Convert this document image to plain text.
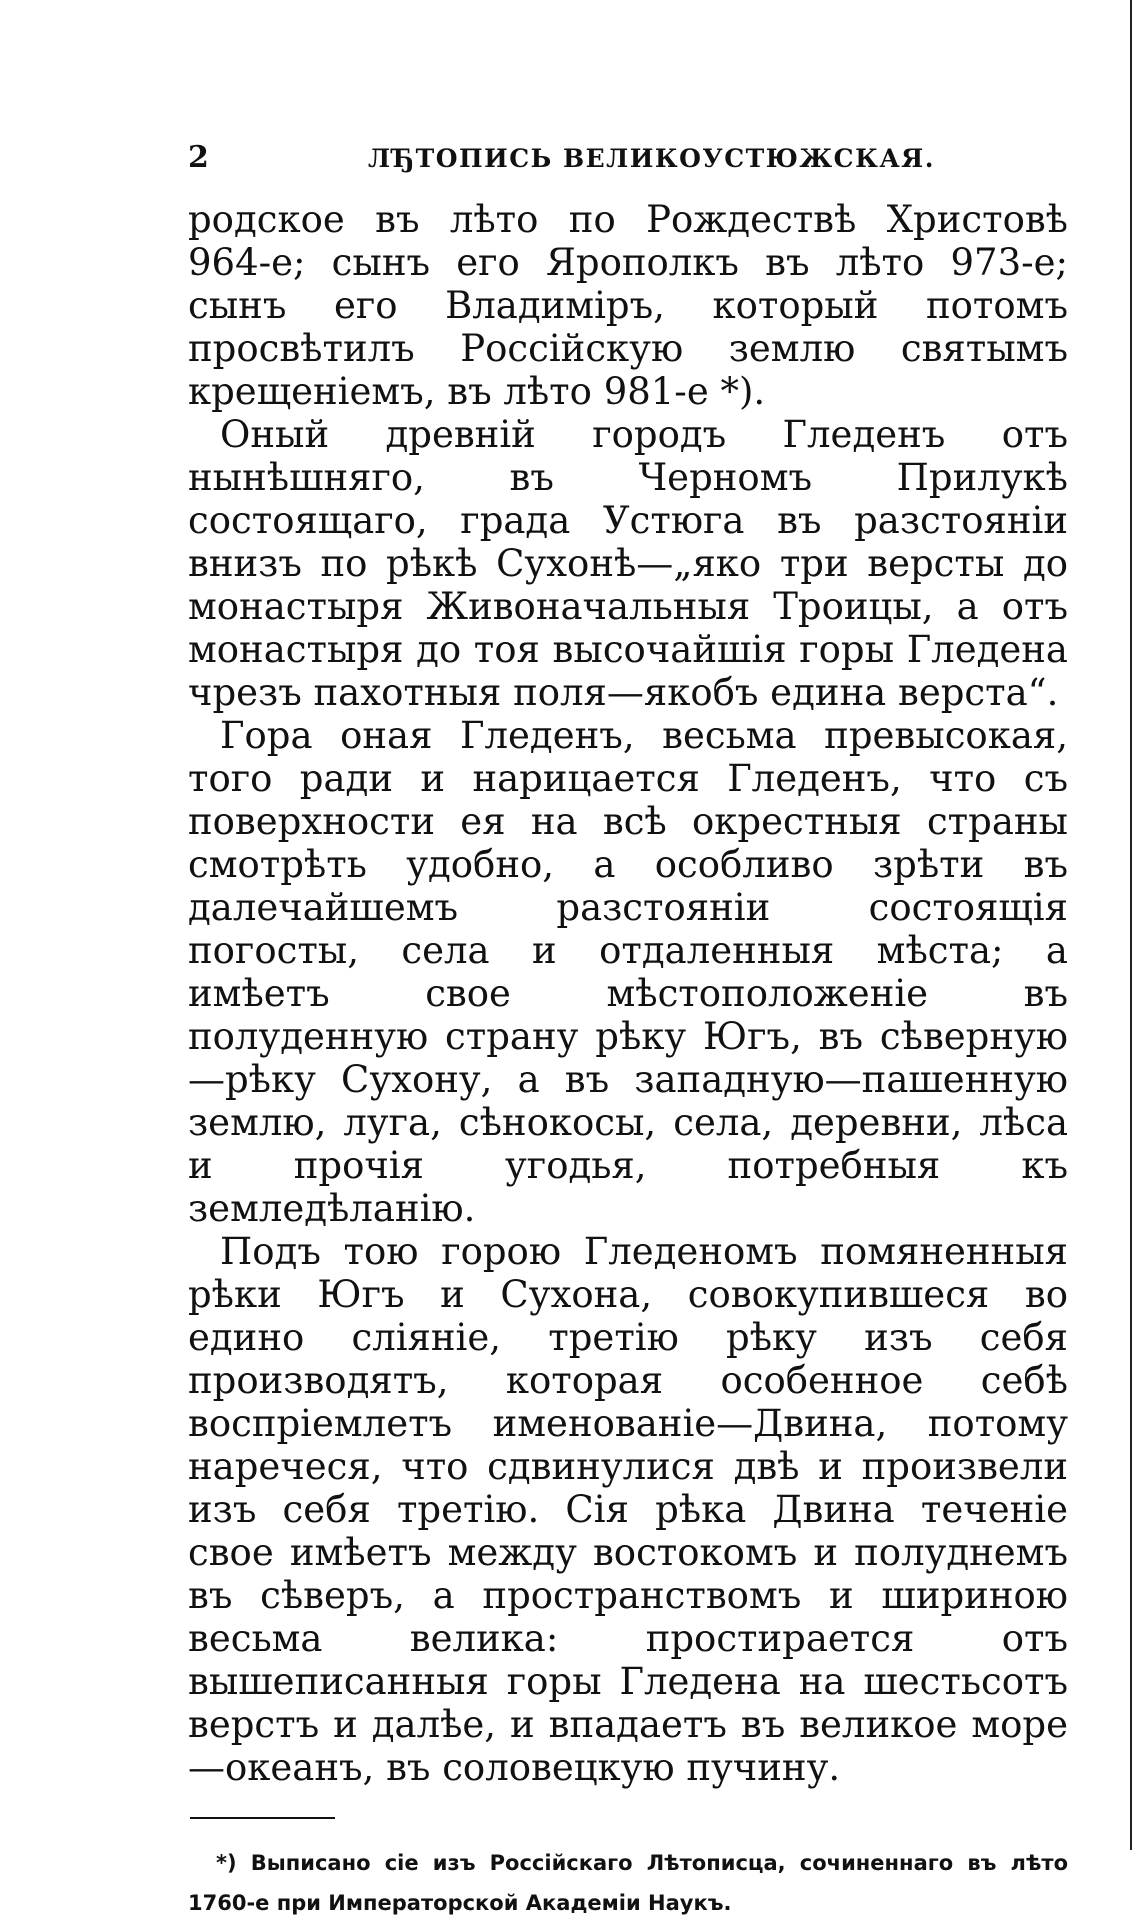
2	ЛЂТОПИСЬ ВЕЛИКОУСТЮЖСКАЯ.

родское въ лѣто по Рождествѣ Христовѣ 964-е; сынъ его Ярополкъ въ лѣто 973-е; сынъ его Владиміръ, который потомъ просвѣтилъ Россійскую землю святымъ крещеніемъ, въ лѣто 981-е *).

Оный древній городъ Гледенъ отъ нынѣшняго, въ Черномъ Прилукѣ состоящаго, града Устюга въ разстояніи внизъ по рѣкѣ Сухонѣ—„яко три версты до монастыря Живоначальныя Троицы, а отъ монастыря до тоя высочайшія горы Гледена чрезъ пахотныя поля—якобъ едина верста“.

Гора оная Гледенъ, весьма превысокая, того ради и нарицается Гледенъ, что съ поверхности ея на всѣ окрестныя страны смотрѣть удобно, а особливо зрѣти въ далечайшемъ разстояніи состоящія погосты, села и отдаленныя мѣста; а имѣетъ свое мѣстоположеніе въ полуденную страну рѣку Югъ, въ сѣверную—рѣку Сухону, а въ западную—пашенную землю, луга, сѣнокосы, села, деревни, лѣса и прочія угодья, потребныя къ земледѣланію.

Подъ тою горою Гледеномъ помяненныя рѣки Югъ и Сухона, совокупившеся во едино сліяніе, третію рѣку изъ себя производятъ, которая особенное себѣ воспріемлетъ именованіе—Двина, потому наречеся, что сдвинулися двѣ и произвели изъ себя третію. Сія рѣка Двина теченіе свое имѣетъ между востокомъ и полуднемъ въ сѣверъ, а пространствомъ и шириною весьма велика: простирается отъ вышеписанныя горы Гледена на шестьсотъ верстъ и далѣе, и впадаетъ въ великое море—океанъ, въ соловецкую пучину.

*) Выписано сіе изъ Россійскаго Лѣтописца, сочиненнаго въ лѣто 1760-е при Императорской Академіи Наукъ.
